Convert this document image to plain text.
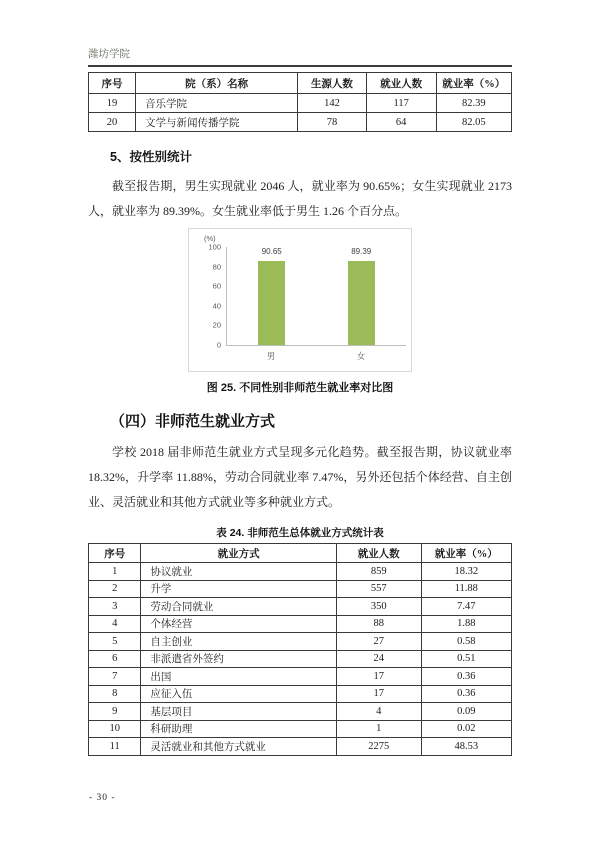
潍坊学院
序号	院（系）名称	生源人数	就业人数	就业率（%）
19	音乐学院	142	117	82.39
20	文学与新闻传播学院	78	64	82.05
5、按性别统计

截至报告期，男生实现就业 2046 人，就业率为 90.65%；女生实现就业 2173 人，就业率为 89.39%。女生就业率低于男生 1.26 个百分点。

(%)
100
80
60
40
20
0
90.65	89.39
男	女
图 25. 不同性别非师范生就业率对比图
（四）非师范生就业方式

学校 2018 届非师范生就业方式呈现多元化趋势。截至报告期，协议就业率 18.32%，升学率 11.88%，劳动合同就业率 7.47%，另外还包括个体经营、自主创业、灵活就业和其他方式就业等多种就业方式。

表 24. 非师范生总体就业方式统计表
序号	就业方式	就业人数	就业率（%）
1	协议就业	859	18.32
2	升学	557	11.88
3	劳动合同就业	350	7.47
4	个体经营	88	1.88
5	自主创业	27	0.58
6	非派遣省外签约	24	0.51
7	出国	17	0.36
8	应征入伍	17	0.36
9	基层项目	4	0.09
10	科研助理	1	0.02
11	灵活就业和其他方式就业	2275	48.53
- 30 -
